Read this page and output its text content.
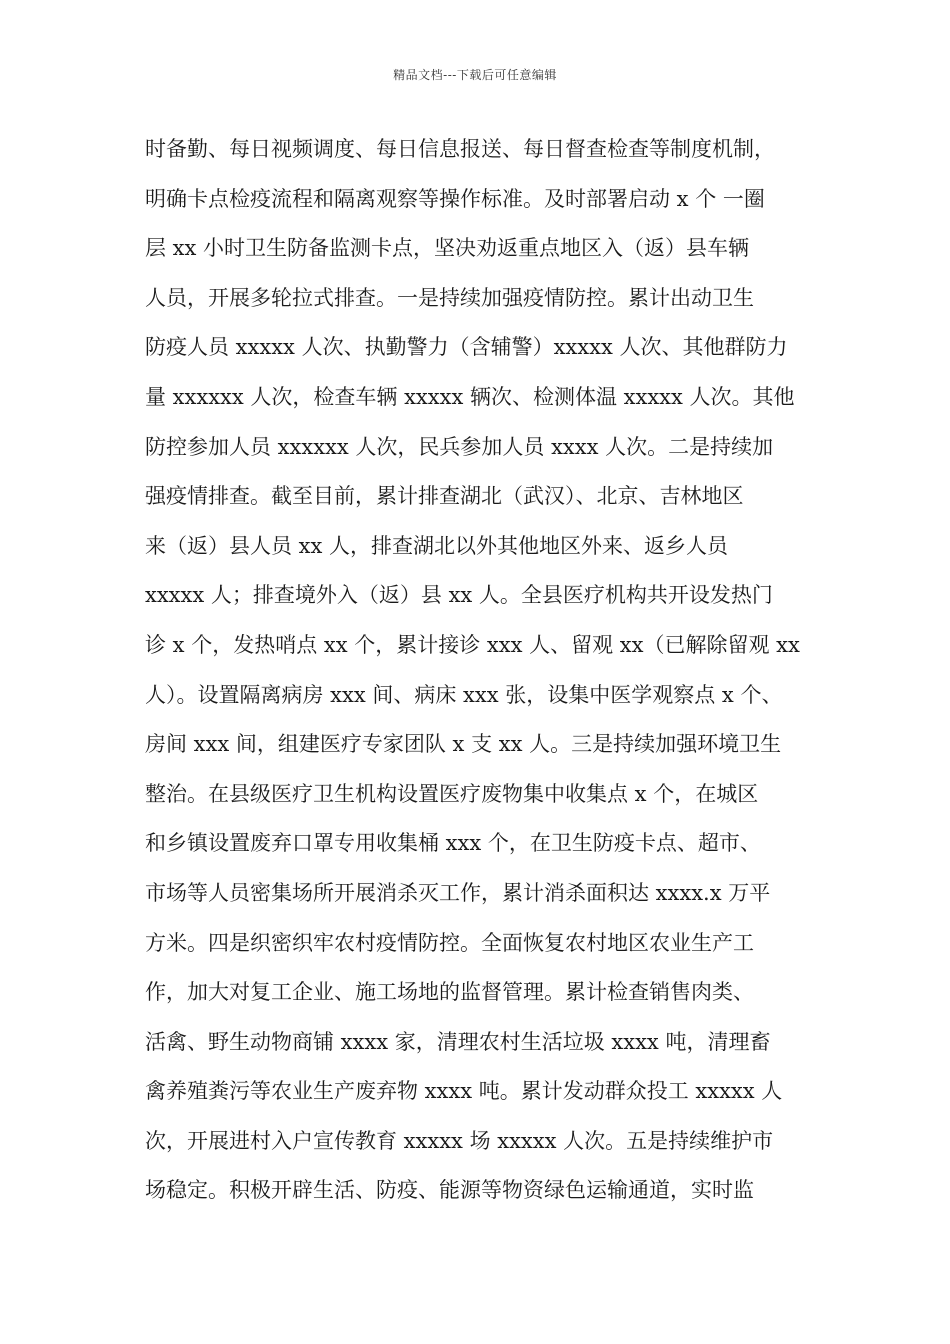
精品文档---下载后可任意编辑
时备勤、每日视频调度、每日信息报送、每日督查检查等制度机制，
明确卡点检疫流程和隔离观察等操作标准。及时部署启动 x 个 一圈
层 xx 小时卫生防备监测卡点，坚决劝返重点地区入（返）县车辆
人员，开展多轮拉式排查。一是持续加强疫情防控。累计出动卫生
防疫人员 xxxxx 人次、执勤警力（含辅警）xxxxx 人次、其他群防力
量 xxxxxx 人次，检查车辆 xxxxx 辆次、检测体温 xxxxx 人次。其他
防控参加人员 xxxxxx 人次，民兵参加人员 xxxx 人次。二是持续加
强疫情排查。截至目前，累计排查湖北（武汉）、北京、吉林地区
来（返）县人员 xx 人，排查湖北以外其他地区外来、返乡人员
xxxxx 人；排查境外入（返）县 xx 人。全县医疗机构共开设发热门
诊 x 个，发热哨点 xx 个，累计接诊 xxx 人、留观 xx（已解除留观 xx
人）。设置隔离病房 xxx 间、病床 xxx 张，设集中医学观察点 x 个、
房间 xxx 间，组建医疗专家团队 x 支 xx 人。三是持续加强环境卫生
整治。在县级医疗卫生机构设置医疗废物集中收集点 x 个，在城区
和乡镇设置废弃口罩专用收集桶 xxx 个，在卫生防疫卡点、超市、
市场等人员密集场所开展消杀灭工作，累计消杀面积达 xxxx.x 万平
方米。四是织密织牢农村疫情防控。全面恢复农村地区农业生产工
作，加大对复工企业、施工场地的监督管理。累计检查销售肉类、
活禽、野生动物商铺 xxxx 家，清理农村生活垃圾 xxxx 吨，清理畜
禽养殖粪污等农业生产废弃物 xxxx 吨。累计发动群众投工 xxxxx 人
次，开展进村入户宣传教育 xxxxx 场 xxxxx 人次。五是持续维护市
场稳定。积极开辟生活、防疫、能源等物资绿色运输通道，实时监
